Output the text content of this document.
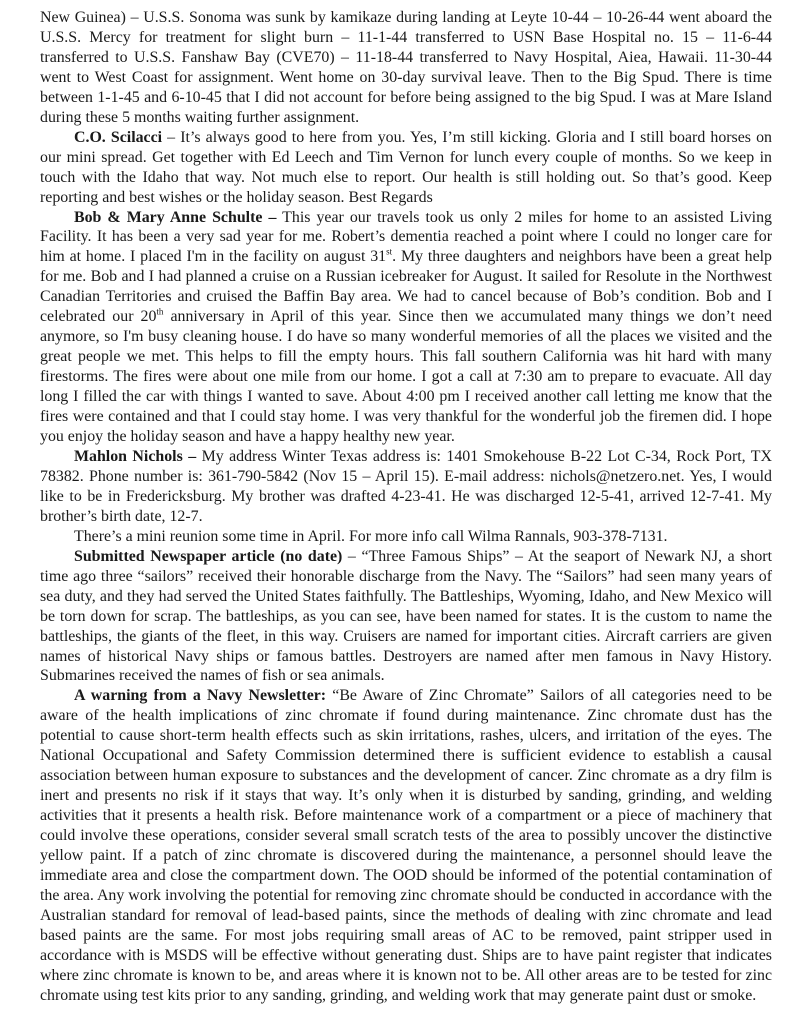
New Guinea) – U.S.S. Sonoma was sunk by kamikaze during landing at Leyte 10-44 – 10-26-44 went aboard the U.S.S. Mercy for treatment for slight burn – 11-1-44 transferred to USN Base Hospital no. 15 – 11-6-44 transferred to U.S.S. Fanshaw Bay (CVE70) – 11-18-44 transferred to Navy Hospital, Aiea, Hawaii. 11-30-44 went to West Coast for assignment. Went home on 30-day survival leave. Then to the Big Spud. There is time between 1-1-45 and 6-10-45 that I did not account for before being assigned to the big Spud. I was at Mare Island during these 5 months waiting further assignment.

C.O. Scilacci – It’s always good to here from you. Yes, I’m still kicking. Gloria and I still board horses on our mini spread. Get together with Ed Leech and Tim Vernon for lunch every couple of months. So we keep in touch with the Idaho that way. Not much else to report. Our health is still holding out. So that’s good. Keep reporting and best wishes or the holiday season. Best Regards

Bob & Mary Anne Schulte – This year our travels took us only 2 miles for home to an assisted Living Facility. It has been a very sad year for me. Robert’s dementia reached a point where I could no longer care for him at home. I placed I'm in the facility on august 31st. My three daughters and neighbors have been a great help for me. Bob and I had planned a cruise on a Russian icebreaker for August. It sailed for Resolute in the Northwest Canadian Territories and cruised the Baffin Bay area. We had to cancel because of Bob’s condition. Bob and I celebrated our 20th anniversary in April of this year. Since then we accumulated many things we don’t need anymore, so I'm busy cleaning house. I do have so many wonderful memories of all the places we visited and the great people we met. This helps to fill the empty hours. This fall southern California was hit hard with many firestorms. The fires were about one mile from our home. I got a call at 7:30 am to prepare to evacuate. All day long I filled the car with things I wanted to save. About 4:00 pm I received another call letting me know that the fires were contained and that I could stay home. I was very thankful for the wonderful job the firemen did. I hope you enjoy the holiday season and have a happy healthy new year.

Mahlon Nichols – My address Winter Texas address is: 1401 Smokehouse B-22 Lot C-34, Rock Port, TX 78382. Phone number is: 361-790-5842 (Nov 15 – April 15). E-mail address: nichols@netzero.net. Yes, I would like to be in Fredericksburg. My brother was drafted 4-23-41. He was discharged 12-5-41, arrived 12-7-41. My brother’s birth date, 12-7.

There’s a mini reunion some time in April. For more info call Wilma Rannals, 903-378-7131.

Submitted Newspaper article (no date) – “Three Famous Ships” – At the seaport of Newark NJ, a short time ago three “sailors” received their honorable discharge from the Navy. The “Sailors” had seen many years of sea duty, and they had served the United States faithfully. The Battleships, Wyoming, Idaho, and New Mexico will be torn down for scrap. The battleships, as you can see, have been named for states. It is the custom to name the battleships, the giants of the fleet, in this way. Cruisers are named for important cities. Aircraft carriers are given names of historical Navy ships or famous battles. Destroyers are named after men famous in Navy History. Submarines received the names of fish or sea animals.

A warning from a Navy Newsletter: “Be Aware of Zinc Chromate” Sailors of all categories need to be aware of the health implications of zinc chromate if found during maintenance. Zinc chromate dust has the potential to cause short-term health effects such as skin irritations, rashes, ulcers, and irritation of the eyes. The National Occupational and Safety Commission determined there is sufficient evidence to establish a causal association between human exposure to substances and the development of cancer. Zinc chromate as a dry film is inert and presents no risk if it stays that way. It’s only when it is disturbed by sanding, grinding, and welding activities that it presents a health risk. Before maintenance work of a compartment or a piece of machinery that could involve these operations, consider several small scratch tests of the area to possibly uncover the distinctive yellow paint. If a patch of zinc chromate is discovered during the maintenance, a personnel should leave the immediate area and close the compartment down. The OOD should be informed of the potential contamination of the area. Any work involving the potential for removing zinc chromate should be conducted in accordance with the Australian standard for removal of lead-based paints, since the methods of dealing with zinc chromate and lead based paints are the same. For most jobs requiring small areas of AC to be removed, paint stripper used in accordance with is MSDS will be effective without generating dust. Ships are to have paint register that indicates where zinc chromate is known to be, and areas where it is known not to be. All other areas are to be tested for zinc chromate using test kits prior to any sanding, grinding, and welding work that may generate paint dust or smoke.
